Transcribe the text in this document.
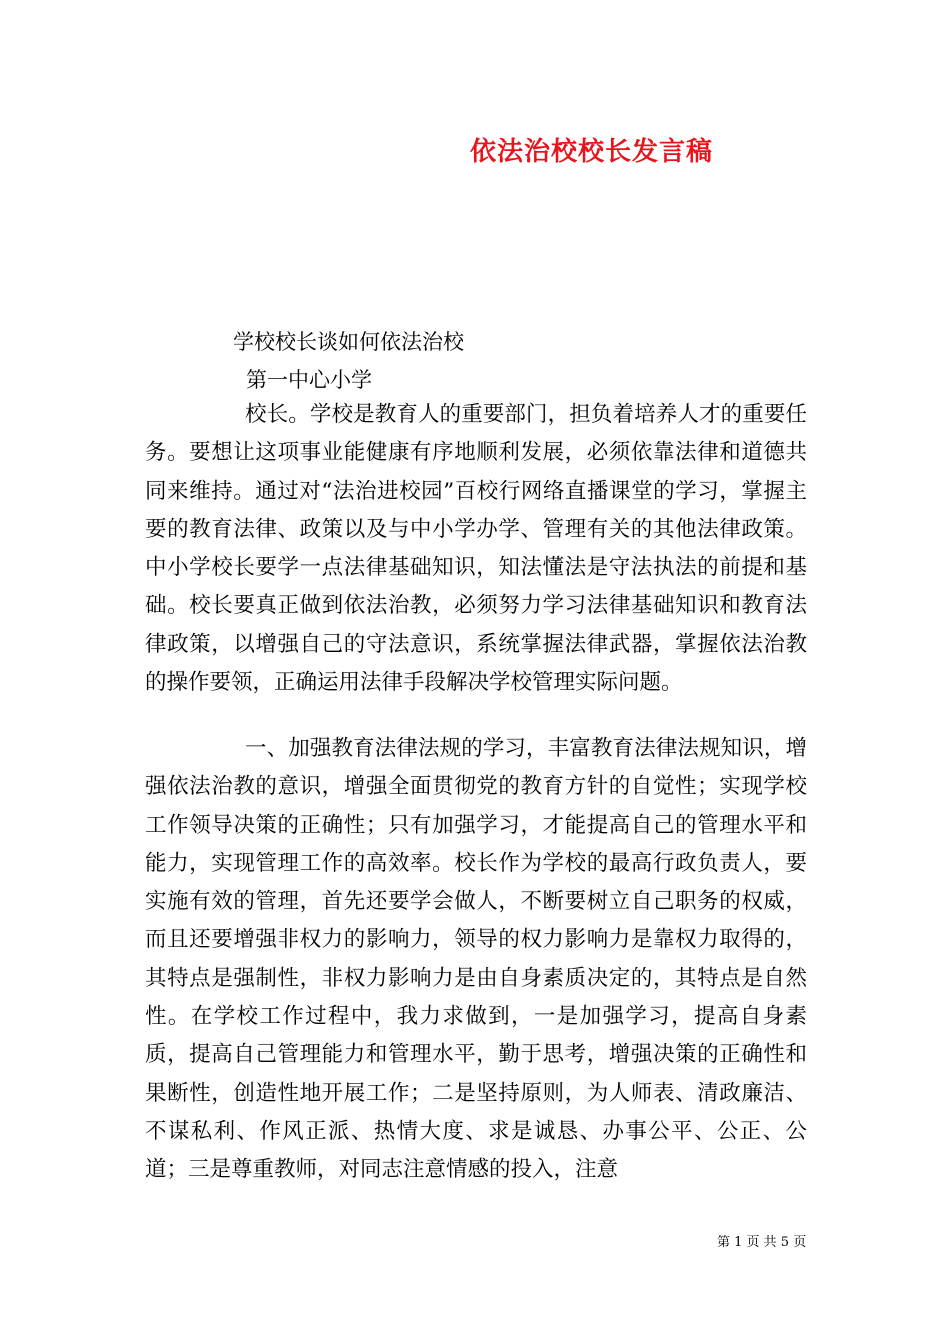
依法治校校长发言稿
学校校长谈如何依法治校
第一中心小学

校长。学校是教育人的重要部门，担负着培养人才的重要任务。要想让这项事业能健康有序地顺利发展，必须依靠法律和道德共同来维持。通过对“法治进校园”百校行网络直播课堂的学习，掌握主要的教育法律、政策以及与中小学办学、管理有关的其他法律政策。中小学校长要学一点法律基础知识，知法懂法是守法执法的前提和基础。校长要真正做到依法治教，必须努力学习法律基础知识和教育法律政策，以增强自己的守法意识，系统掌握法律武器，掌握依法治教的操作要领，正确运用法律手段解决学校管理实际问题。

一、加强教育法律法规的学习，丰富教育法律法规知识，增强依法治教的意识，增强全面贯彻党的教育方针的自觉性；实现学校工作领导决策的正确性；只有加强学习，才能提高自己的管理水平和能力，实现管理工作的高效率。校长作为学校的最高行政负责人，要实施有效的管理，首先还要学会做人，不断要树立自己职务的权威，而且还要增强非权力的影响力，领导的权力影响力是靠权力取得的，其特点是强制性，非权力影响力是由自身素质决定的，其特点是自然性。在学校工作过程中，我力求做到，一是加强学习，提高自身素质，提高自己管理能力和管理水平，勤于思考，增强决策的正确性和果断性，创造性地开展工作；二是坚持原则，为人师表、清政廉洁、不谋私利、作风正派、热情大度、求是诚恳、办事公平、公正、公道；三是尊重教师，对同志注意情感的投入，注意

第 1 页 共 5 页
